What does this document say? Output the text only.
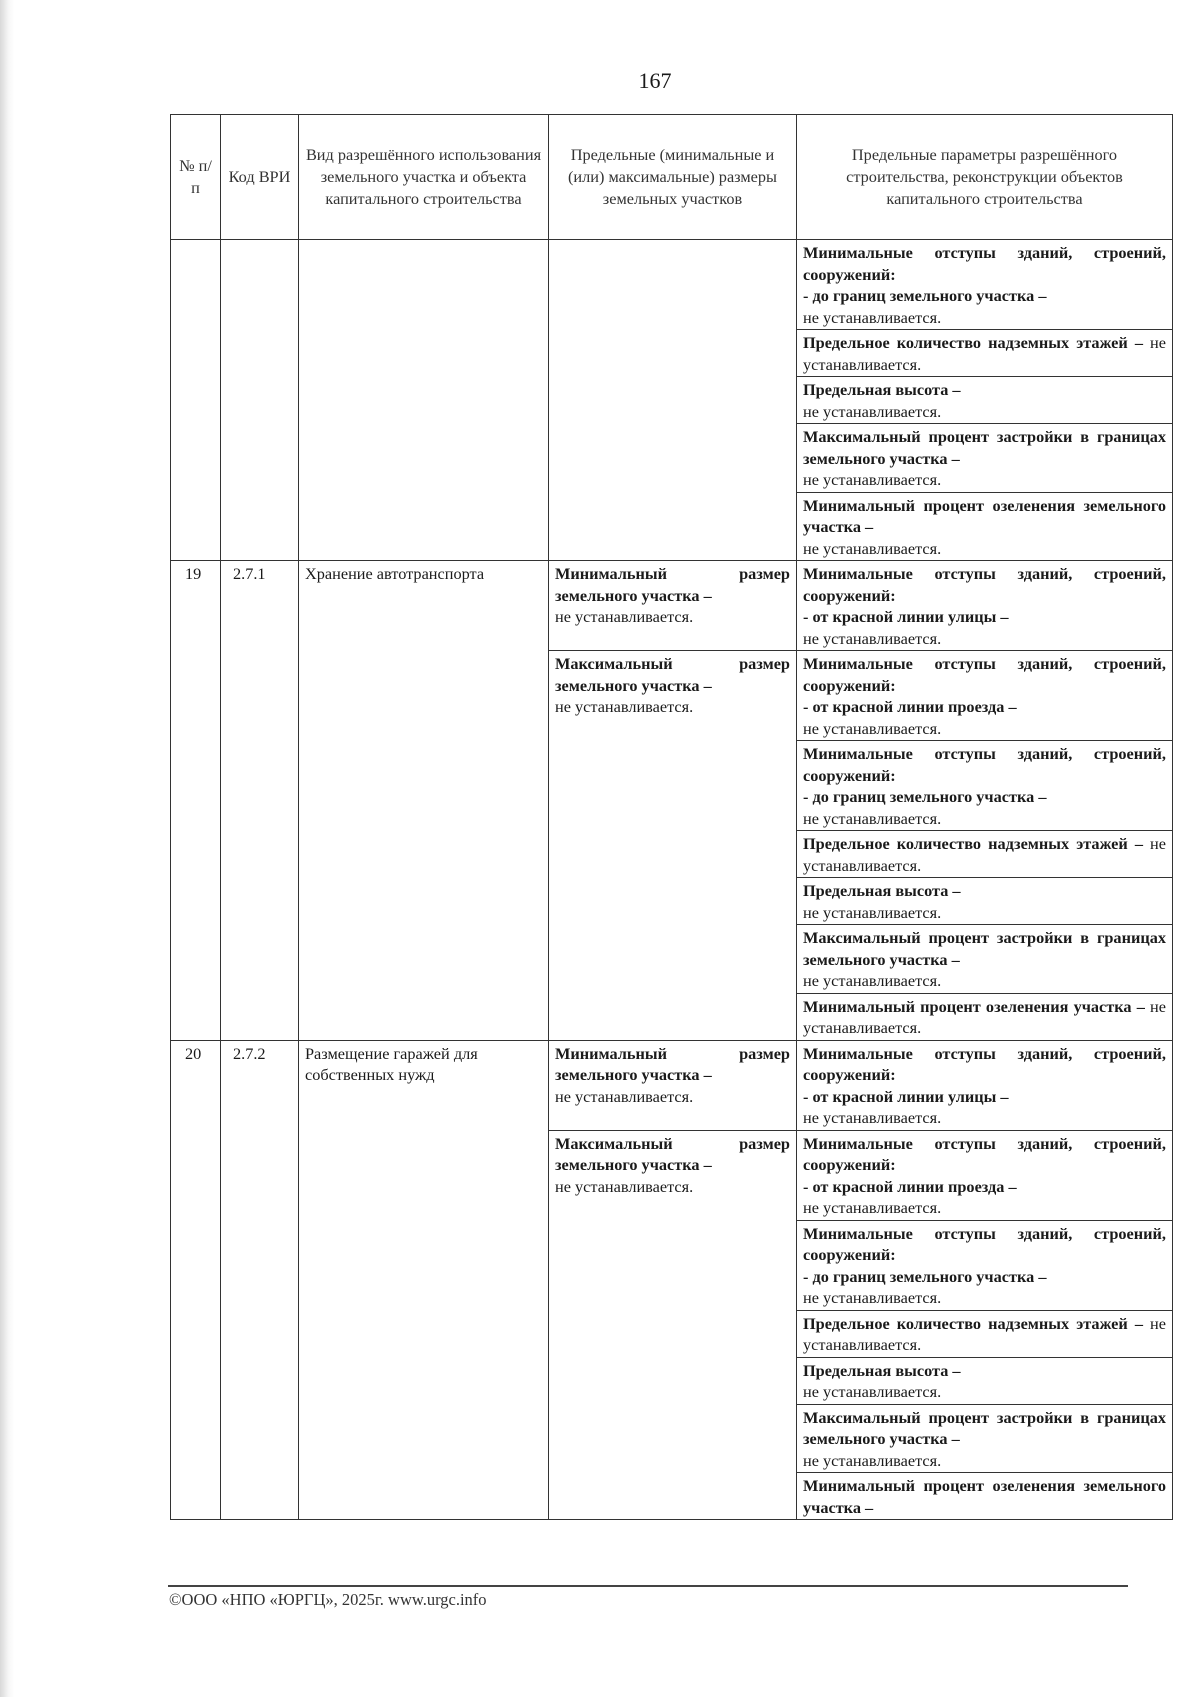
167
№ п/п	Код ВРИ	Вид разрешённого использования земельного участка и объекта капитального строительства	Предельные (минимальные и (или) максимальные) размеры земельных участков	Предельные параметры разрешённого строительства, реконструкции объектов капитального строительства
				Минимальные отступы зданий, строений, сооружений:
- до границ земельного участка –
не устанавливается.
				Предельное количество надземных этажей – не устанавливается.
				Предельная высота –
не устанавливается.
				Максимальный процент застройки в границах земельного участка –
не устанавливается.
				Минимальный процент озеленения земельного участка –
не устанавливается.
19	2.7.1	Хранение автотранспорта	Минимальный размер земельного участка –
не устанавливается.	Минимальные отступы зданий, строений, сооружений:
- от красной линии улицы –
не устанавливается.
			Максимальный размер земельного участка –
не устанавливается.	Минимальные отступы зданий, строений, сооружений:
- от красной линии проезда –
не устанавливается.
				Минимальные отступы зданий, строений, сооружений:
- до границ земельного участка –
не устанавливается.
				Предельное количество надземных этажей – не устанавливается.
				Предельная высота –
не устанавливается.
				Максимальный процент застройки в границах земельного участка –
не устанавливается.
				Минимальный процент озеленения участка – не устанавливается.
20	2.7.2	Размещение гаражей для собственных нужд	Минимальный размер земельного участка –
не устанавливается.	Минимальные отступы зданий, строений, сооружений:
- от красной линии улицы –
не устанавливается.
			Максимальный размер земельного участка –
не устанавливается.	Минимальные отступы зданий, строений, сооружений:
- от красной линии проезда –
не устанавливается.
				Минимальные отступы зданий, строений, сооружений:
- до границ земельного участка –
не устанавливается.
				Предельное количество надземных этажей – не устанавливается.
				Предельная высота –
не устанавливается.
				Максимальный процент застройки в границах земельного участка –
не устанавливается.
				Минимальный процент озеленения земельного участка –
©ООО «НПО «ЮРГЦ», 2025г. www.urgc.info
